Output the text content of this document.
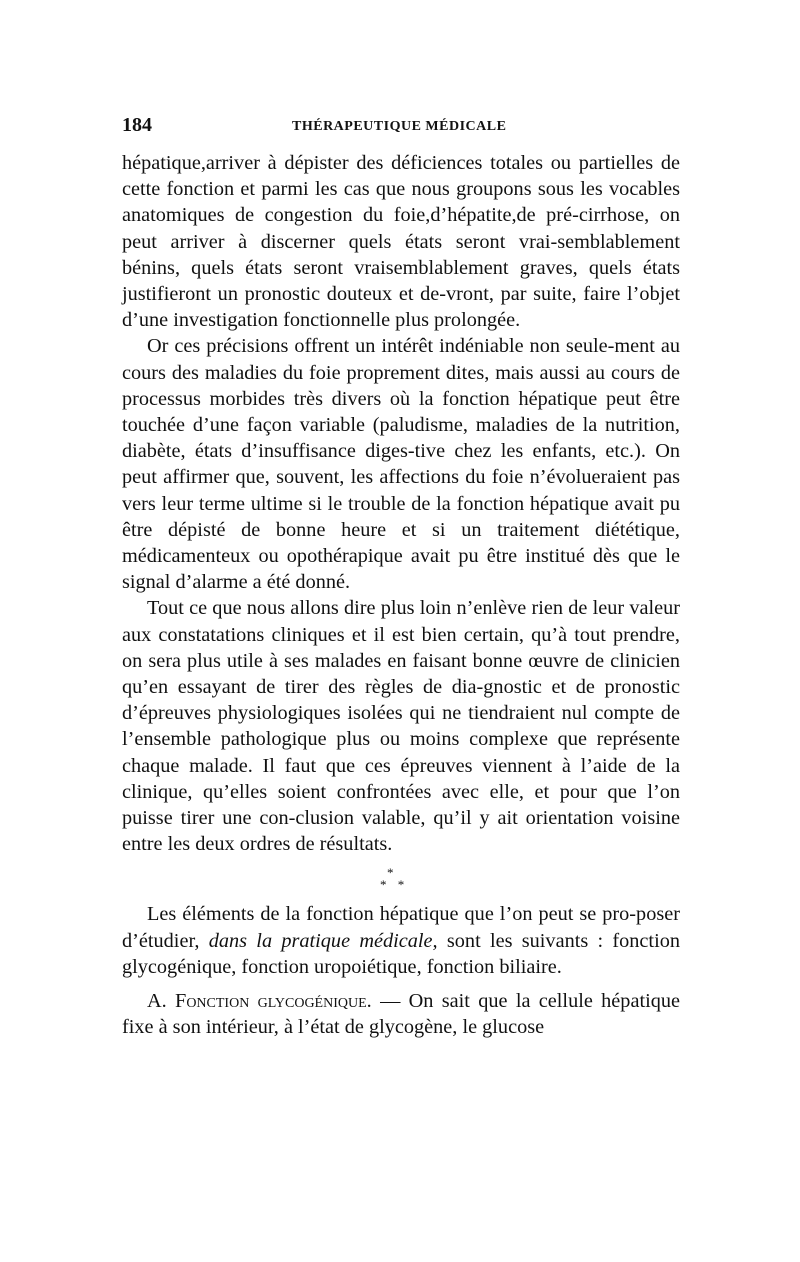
184	THÉRAPEUTIQUE MÉDICALE

hépatique,arriver à dépister des déficiences totales ou partielles de cette fonction et parmi les cas que nous groupons sous les vocables anatomiques de congestion du foie,d’hépatite,de pré-cirrhose, on peut arriver à discerner quels états seront vrai-semblablement bénins, quels états seront vraisemblablement graves, quels états justifieront un pronostic douteux et de-vront, par suite, faire l’objet d’une investigation fonctionnelle plus prolongée.

Or ces précisions offrent un intérêt indéniable non seule-ment au cours des maladies du foie proprement dites, mais aussi au cours de processus morbides très divers où la fonction hépatique peut être touchée d’une façon variable (paludisme, maladies de la nutrition, diabète, états d’insuffisance diges-tive chez les enfants, etc.). On peut affirmer que, souvent, les affections du foie n’évolueraient pas vers leur terme ultime si le trouble de la fonction hépatique avait pu être dépisté de bonne heure et si un traitement diététique, médicamenteux ou opothérapique avait pu être institué dès que le signal d’alarme a été donné.

Tout ce que nous allons dire plus loin n’enlève rien de leur valeur aux constatations cliniques et il est bien certain, qu’à tout prendre, on sera plus utile à ses malades en faisant bonne œuvre de clinicien qu’en essayant de tirer des règles de dia-gnostic et de pronostic d’épreuves physiologiques isolées qui ne tiendraient nul compte de l’ensemble pathologique plus ou moins complexe que représente chaque malade. Il faut que ces épreuves viennent à l’aide de la clinique, qu’elles soient confrontées avec elle, et pour que l’on puisse tirer une con-clusion valable, qu’il y ait orientation voisine entre les deux ordres de résultats.

*
* *

Les éléments de la fonction hépatique que l’on peut se pro-poser d’étudier, dans la pratique médicale, sont les suivants : fonction glycogénique, fonction uropoiétique, fonction biliaire.

A. Fonction glycogénique. — On sait que la cellule hépatique fixe à son intérieur, à l’état de glycogène, le glucose
